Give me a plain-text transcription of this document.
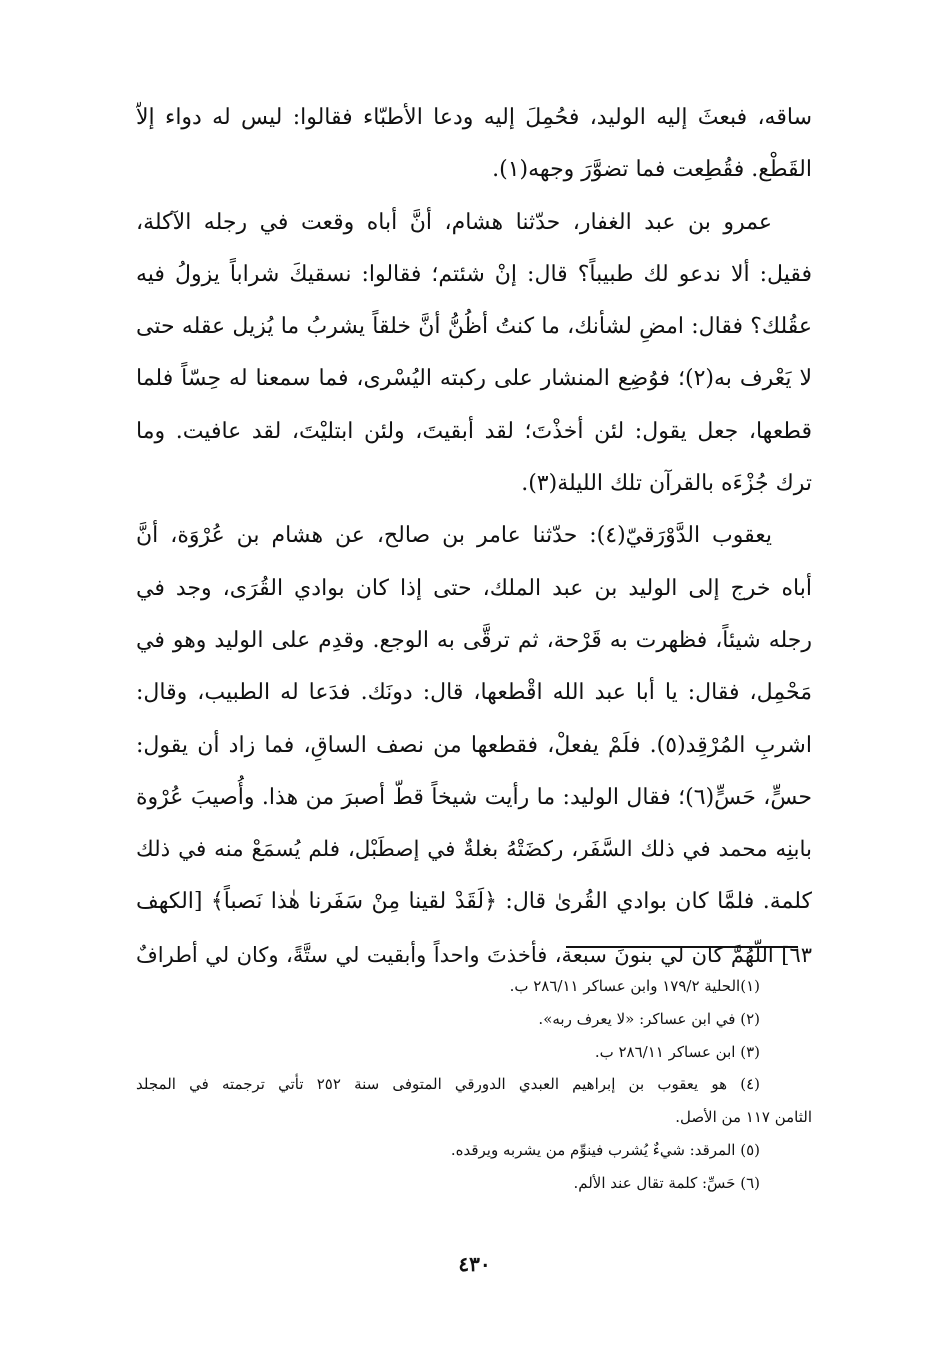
ساقه، فبعثَ إليه الوليد، فحُمِلَ إليه ودعا الأطبّاء فقالوا: ليس له دواء إلاّ
القَطْع. فقُطِعت فما تضوَّرَ وجهه(١).
عمرو بن عبد الغفار، حدّثنا هشام، أنَّ أباه وقعت في رجله الآكلة،
فقيل: ألا ندعو لك طبيباً؟ قال: إنْ شئتم؛ فقالوا: نسقيكَ شراباً يزولُ فيه
عقُلك؟ فقال: امضِ لشأنك، ما كنتُ أظُنُّ أنَّ خلقاً يشربُ ما يُزيل عقله حتى
لا يَعْرف به(٢)؛ فوُضِع المنشار على ركبته اليُسْرى، فما سمعنا له حِسّاً فلما
قطعها، جعل يقول: لئن أخذْتَ؛ لقد أبقيتَ، ولئن ابتليْتَ، لقد عافيت. وما
ترك جُزْءَه بالقرآن تلك الليلة(٣).
يعقوب الدَّوْرَقيّ(٤): حدّثنا عامر بن صالح، عن هشام بن عُرْوَة، أنَّ
أباه خرج إلى الوليد بن عبد الملك، حتى إذا كان بوادي القُرَى، وجد في
رجله شيئاً، فظهرت به قَرْحة، ثم ترقَّى به الوجع. وقدِم على الوليد وهو في
مَحْمِل، فقال: يا أبا عبد الله اقْطعها، قال: دونَك. فدَعا له الطبيب، وقال:
اشربِ المُرْقِد(٥). فلَمْ يفعلْ، فقطعها من نصف الساقِ، فما زاد أن يقول:
حسٍّ، حَسٍّ(٦)؛ فقال الوليد: ما رأيت شيخاً قطّ أصبرَ من هذا. وأُصيبَ عُرْوة
بابنِه محمد في ذلك السَّفَر، ركضَتْهُ بغلةٌ في إصطَبْل، فلم يُسمَعْ منه في ذلك
كلمة. فلمَّا كان بوادي القُرىٰ قال: ﴿لَقَدْ لقينا مِنْ سَفَرنا هٰذا نَصباً﴾ [الكهف
٦٣] اللّهُمَّ كان لي بنونَ سبعة، فأخذتَ واحداً وأبقيت لي ستَّةً، وكان لي أطرافٌ
(١)الحلية ١٧٩/٢ وابن عساكر ٢٨٦/١١ ب.
(٢) في ابن عساكر: «لا يعرف ربه».
(٣) ابن عساكر ٢٨٦/١١ ب.
(٤) هو يعقوب بن إبراهيم العبدي الدورقي المتوفى سنة ٢٥٢ تأتي ترجمته في المجلد
الثامن ١١٧ من الأصل.
(٥) المرقد: شيءٌ يُشرب فينوِّم من يشربه ويرقده.
(٦) حَسِّ: كلمة تقال عند الألم.
٤٣٠
